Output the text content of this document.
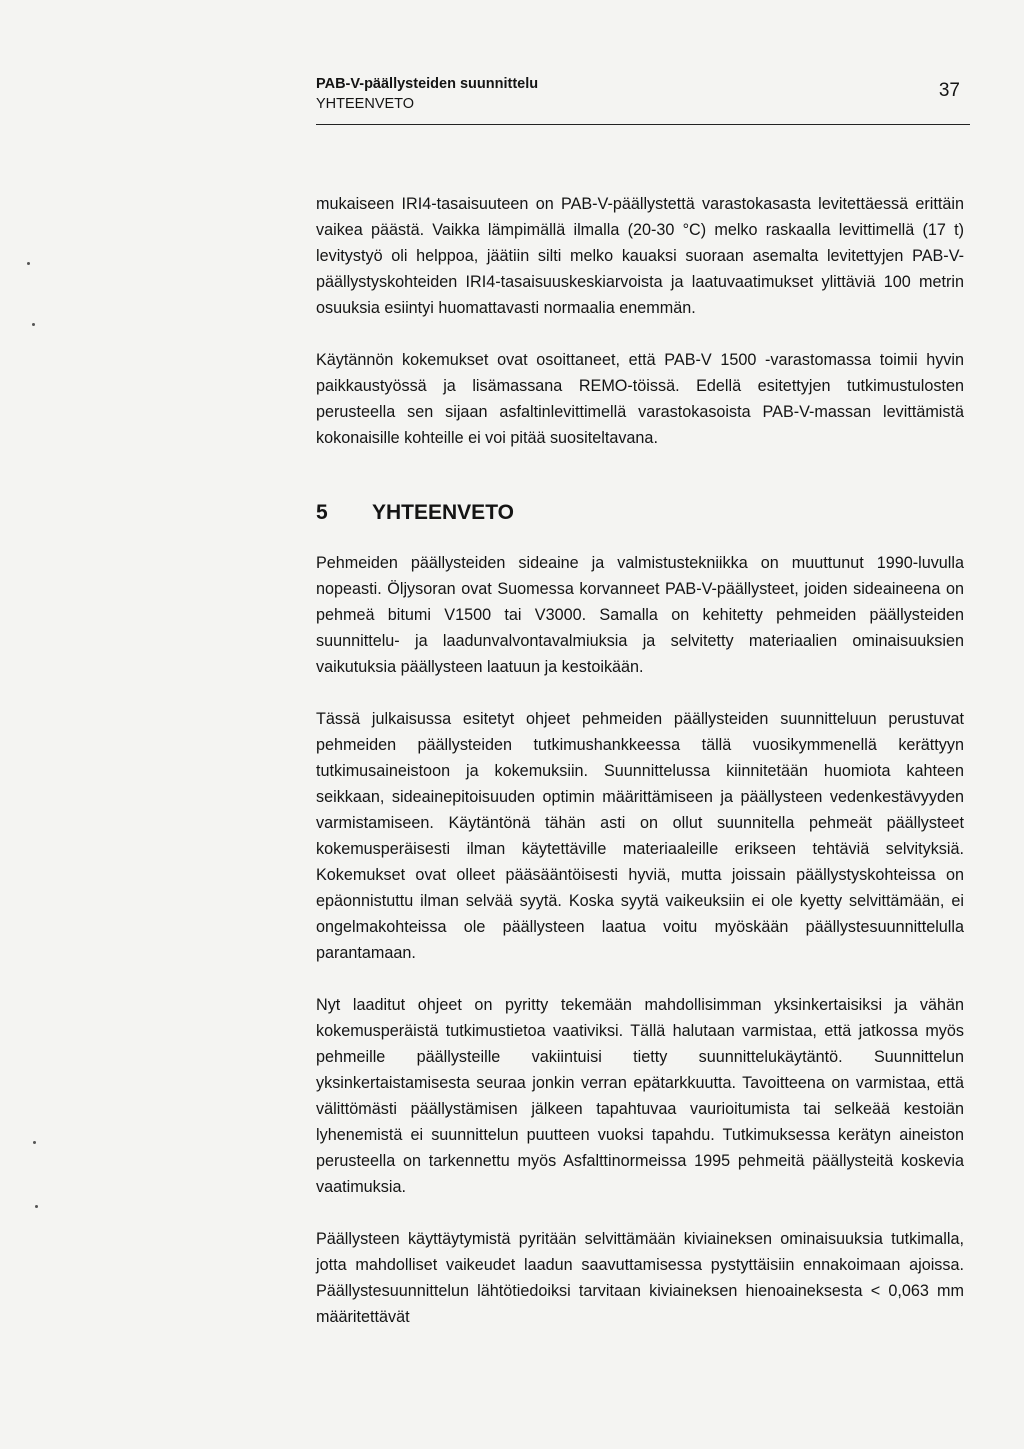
PAB-V-päällysteiden suunnittelu
YHTEENVETO
37

mukaiseen IRI4-tasaisuuteen on PAB-V-päällystettä varastokasasta levitettäessä erittäin vaikea päästä. Vaikka lämpimällä ilmalla (20-30 °C) melko raskaalla levittimellä (17 t) levitystyö oli helppoa, jäätiin silti melko kauaksi suoraan asemalta levitettyjen PAB-V-päällystyskohteiden IRI4-tasaisuuskeskiarvoista ja laatuvaatimukset ylittäviä 100 metrin osuuksia esiintyi huomattavasti normaalia enemmän.

Käytännön kokemukset ovat osoittaneet, että PAB-V 1500 -varastomassa toimii hyvin paikkaustyössä ja lisämassana REMO-töissä. Edellä esitettyjen tutkimustulosten perusteella sen sijaan asfaltinlevittimellä varastokasoista PAB-V-massan levittämistä kokonaisille kohteille ei voi pitää suositeltavana.

5 YHTEENVETO

Pehmeiden päällysteiden sideaine ja valmistustekniikka on muuttunut 1990-luvulla nopeasti. Öljysoran ovat Suomessa korvanneet PAB-V-päällysteet, joiden sideaineena on pehmeä bitumi V1500 tai V3000. Samalla on kehitetty pehmeiden päällysteiden suunnittelu- ja laadunvalvontavalmiuksia ja selvitetty materiaalien ominaisuuksien vaikutuksia päällysteen laatuun ja kestoikään.

Tässä julkaisussa esitetyt ohjeet pehmeiden päällysteiden suunnitteluun perustuvat pehmeiden päällysteiden tutkimushankkeessa tällä vuosikymmenellä kerättyyn tutkimusaineistoon ja kokemuksiin. Suunnittelussa kiinnitetään huomiota kahteen seikkaan, sideainepitoisuuden optimin määrittämiseen ja päällysteen vedenkestävyyden varmistamiseen. Käytäntönä tähän asti on ollut suunnitella pehmeät päällysteet kokemusperäisesti ilman käytettäville materiaaleille erikseen tehtäviä selvityksiä. Kokemukset ovat olleet pääsääntöisesti hyviä, mutta joissain päällystyskohteissa on epäonnistuttu ilman selvää syytä. Koska syytä vaikeuksiin ei ole kyetty selvittämään, ei ongelmakohteissa ole päällysteen laatua voitu myöskään päällystesuunnittelulla parantamaan.

Nyt laaditut ohjeet on pyritty tekemään mahdollisimman yksinkertaisiksi ja vähän kokemusperäistä tutkimustietoa vaativiksi. Tällä halutaan varmistaa, että jatkossa myös pehmeille päällysteille vakiintuisi tietty suunnittelukäytäntö. Suunnittelun yksinkertaistamisesta seuraa jonkin verran epätarkkuutta. Tavoitteena on varmistaa, että välittömästi päällystämisen jälkeen tapahtuvaa vaurioitumista tai selkeää kestoiän lyhenemistä ei suunnittelun puutteen vuoksi tapahdu. Tutkimuksessa kerätyn aineiston perusteella on tarkennettu myös Asfalttinormeissa 1995 pehmeitä päällysteitä koskevia vaatimuksia.

Päällysteen käyttäytymistä pyritään selvittämään kiviaineksen ominaisuuksia tutkimalla, jotta mahdolliset vaikeudet laadun saavuttamisessa pystyttäisiin ennakoimaan ajoissa. Päällystesuunnittelun lähtötiedoiksi tarvitaan kiviaineksen hienoaineksesta < 0,063 mm määritettävät
